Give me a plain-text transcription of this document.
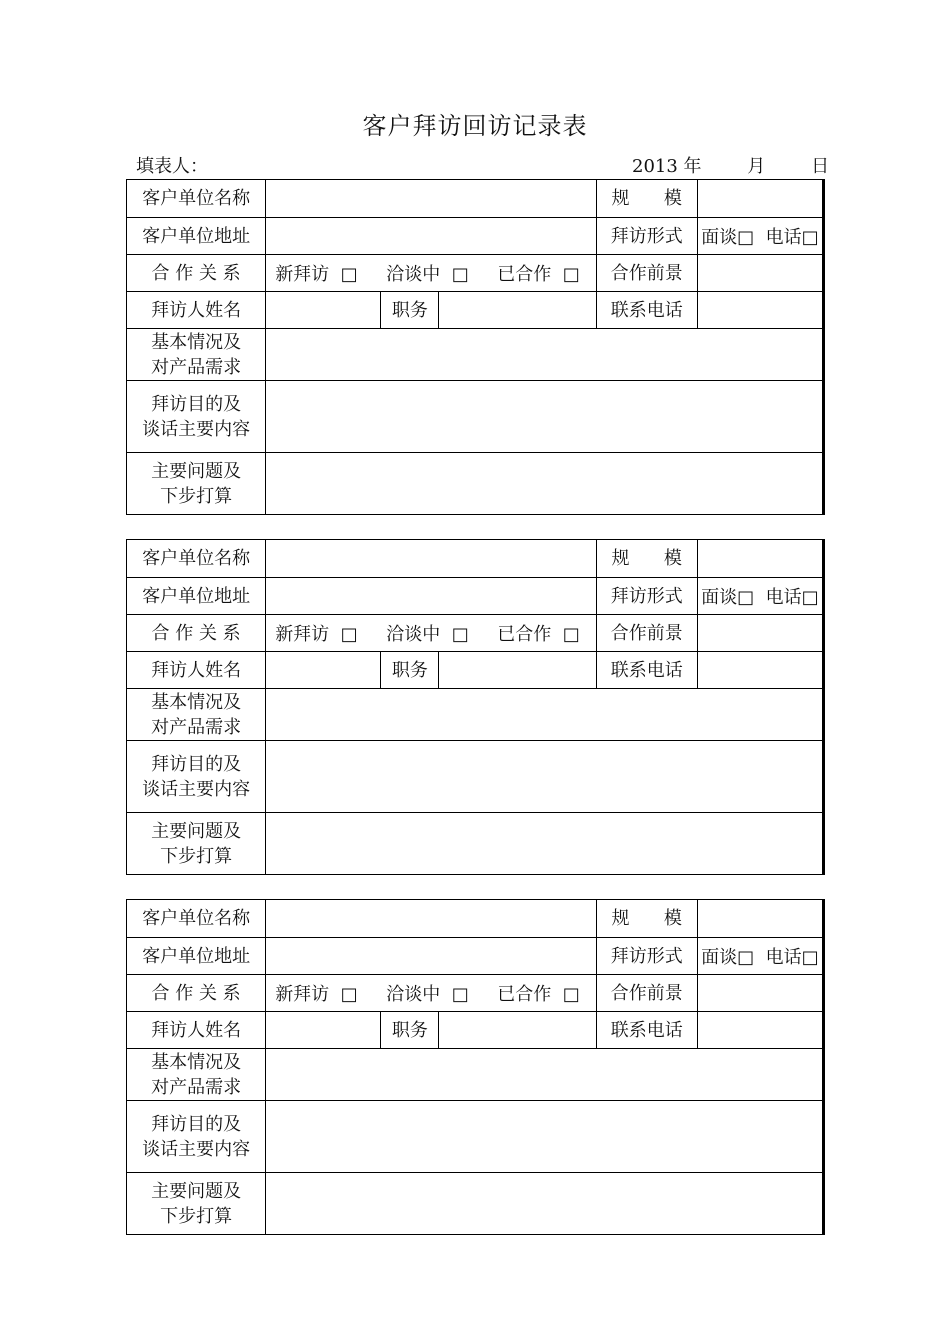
客户拜访回访记录表
填表人：	2013 年        月        日
客户单位名称				规      模	
客户单位地址				拜访形式	面谈□  电话□
合 作 关 系	新拜访  □     洽谈中  □     已合作  □			合作前景	
拜访人姓名		职务		联系电话	

基本情况及
对产品需求					

拜访目的及
谈话主要内容					

主要问题及
下步打算					

客户单位名称				规      模	
客户单位地址				拜访形式	面谈□  电话□
合 作 关 系	新拜访  □     洽谈中  □     已合作  □			合作前景	
拜访人姓名		职务		联系电话	

基本情况及
对产品需求					

拜访目的及
谈话主要内容					

主要问题及
下步打算					

客户单位名称				规      模	
客户单位地址				拜访形式	面谈□  电话□
合 作 关 系	新拜访  □     洽谈中  □     已合作  □			合作前景	
拜访人姓名		职务		联系电话	

基本情况及
对产品需求					

拜访目的及
谈话主要内容					

主要问题及
下步打算					
